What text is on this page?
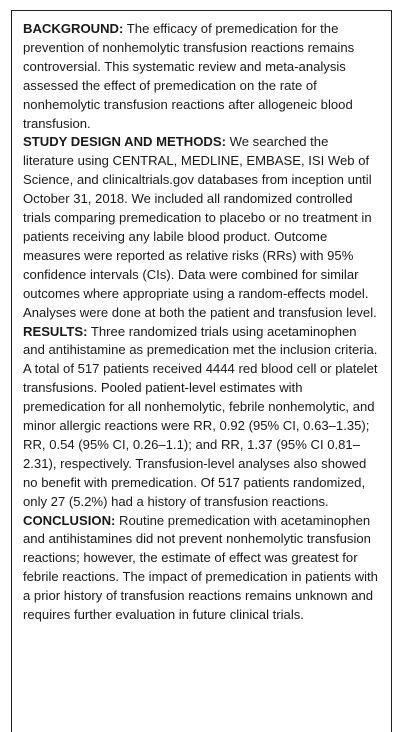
BACKGROUND: The efficacy of premedication for the prevention of nonhemolytic transfusion reactions remains controversial. This systematic review and meta-analysis assessed the effect of premedication on the rate of nonhemolytic transfusion reactions after allogeneic blood transfusion.

STUDY DESIGN AND METHODS: We searched the literature using CENTRAL, MEDLINE, EMBASE, ISI Web of Science, and clinicaltrials.gov databases from inception until October 31, 2018. We included all randomized controlled trials comparing premedication to placebo or no treatment in patients receiving any labile blood product. Outcome measures were reported as relative risks (RRs) with 95% confidence intervals (CIs). Data were combined for similar outcomes where appropriate using a random-effects model. Analyses were done at both the patient and transfusion level.

RESULTS: Three randomized trials using acetaminophen and antihistamine as premedication met the inclusion criteria. A total of 517 patients received 4444 red blood cell or platelet transfusions. Pooled patient-level estimates with premedication for all nonhemolytic, febrile nonhemolytic, and minor allergic reactions were RR, 0.92 (95% CI, 0.63–1.35); RR, 0.54 (95% CI, 0.26–1.1); and RR, 1.37 (95% CI 0.81–2.31), respectively. Transfusion-level analyses also showed no benefit with premedication. Of 517 patients randomized, only 27 (5.2%) had a history of transfusion reactions.

CONCLUSION: Routine premedication with acetaminophen and antihistamines did not prevent nonhemolytic transfusion reactions; however, the estimate of effect was greatest for febrile reactions. The impact of premedication in patients with a prior history of transfusion reactions remains unknown and requires further evaluation in future clinical trials.
